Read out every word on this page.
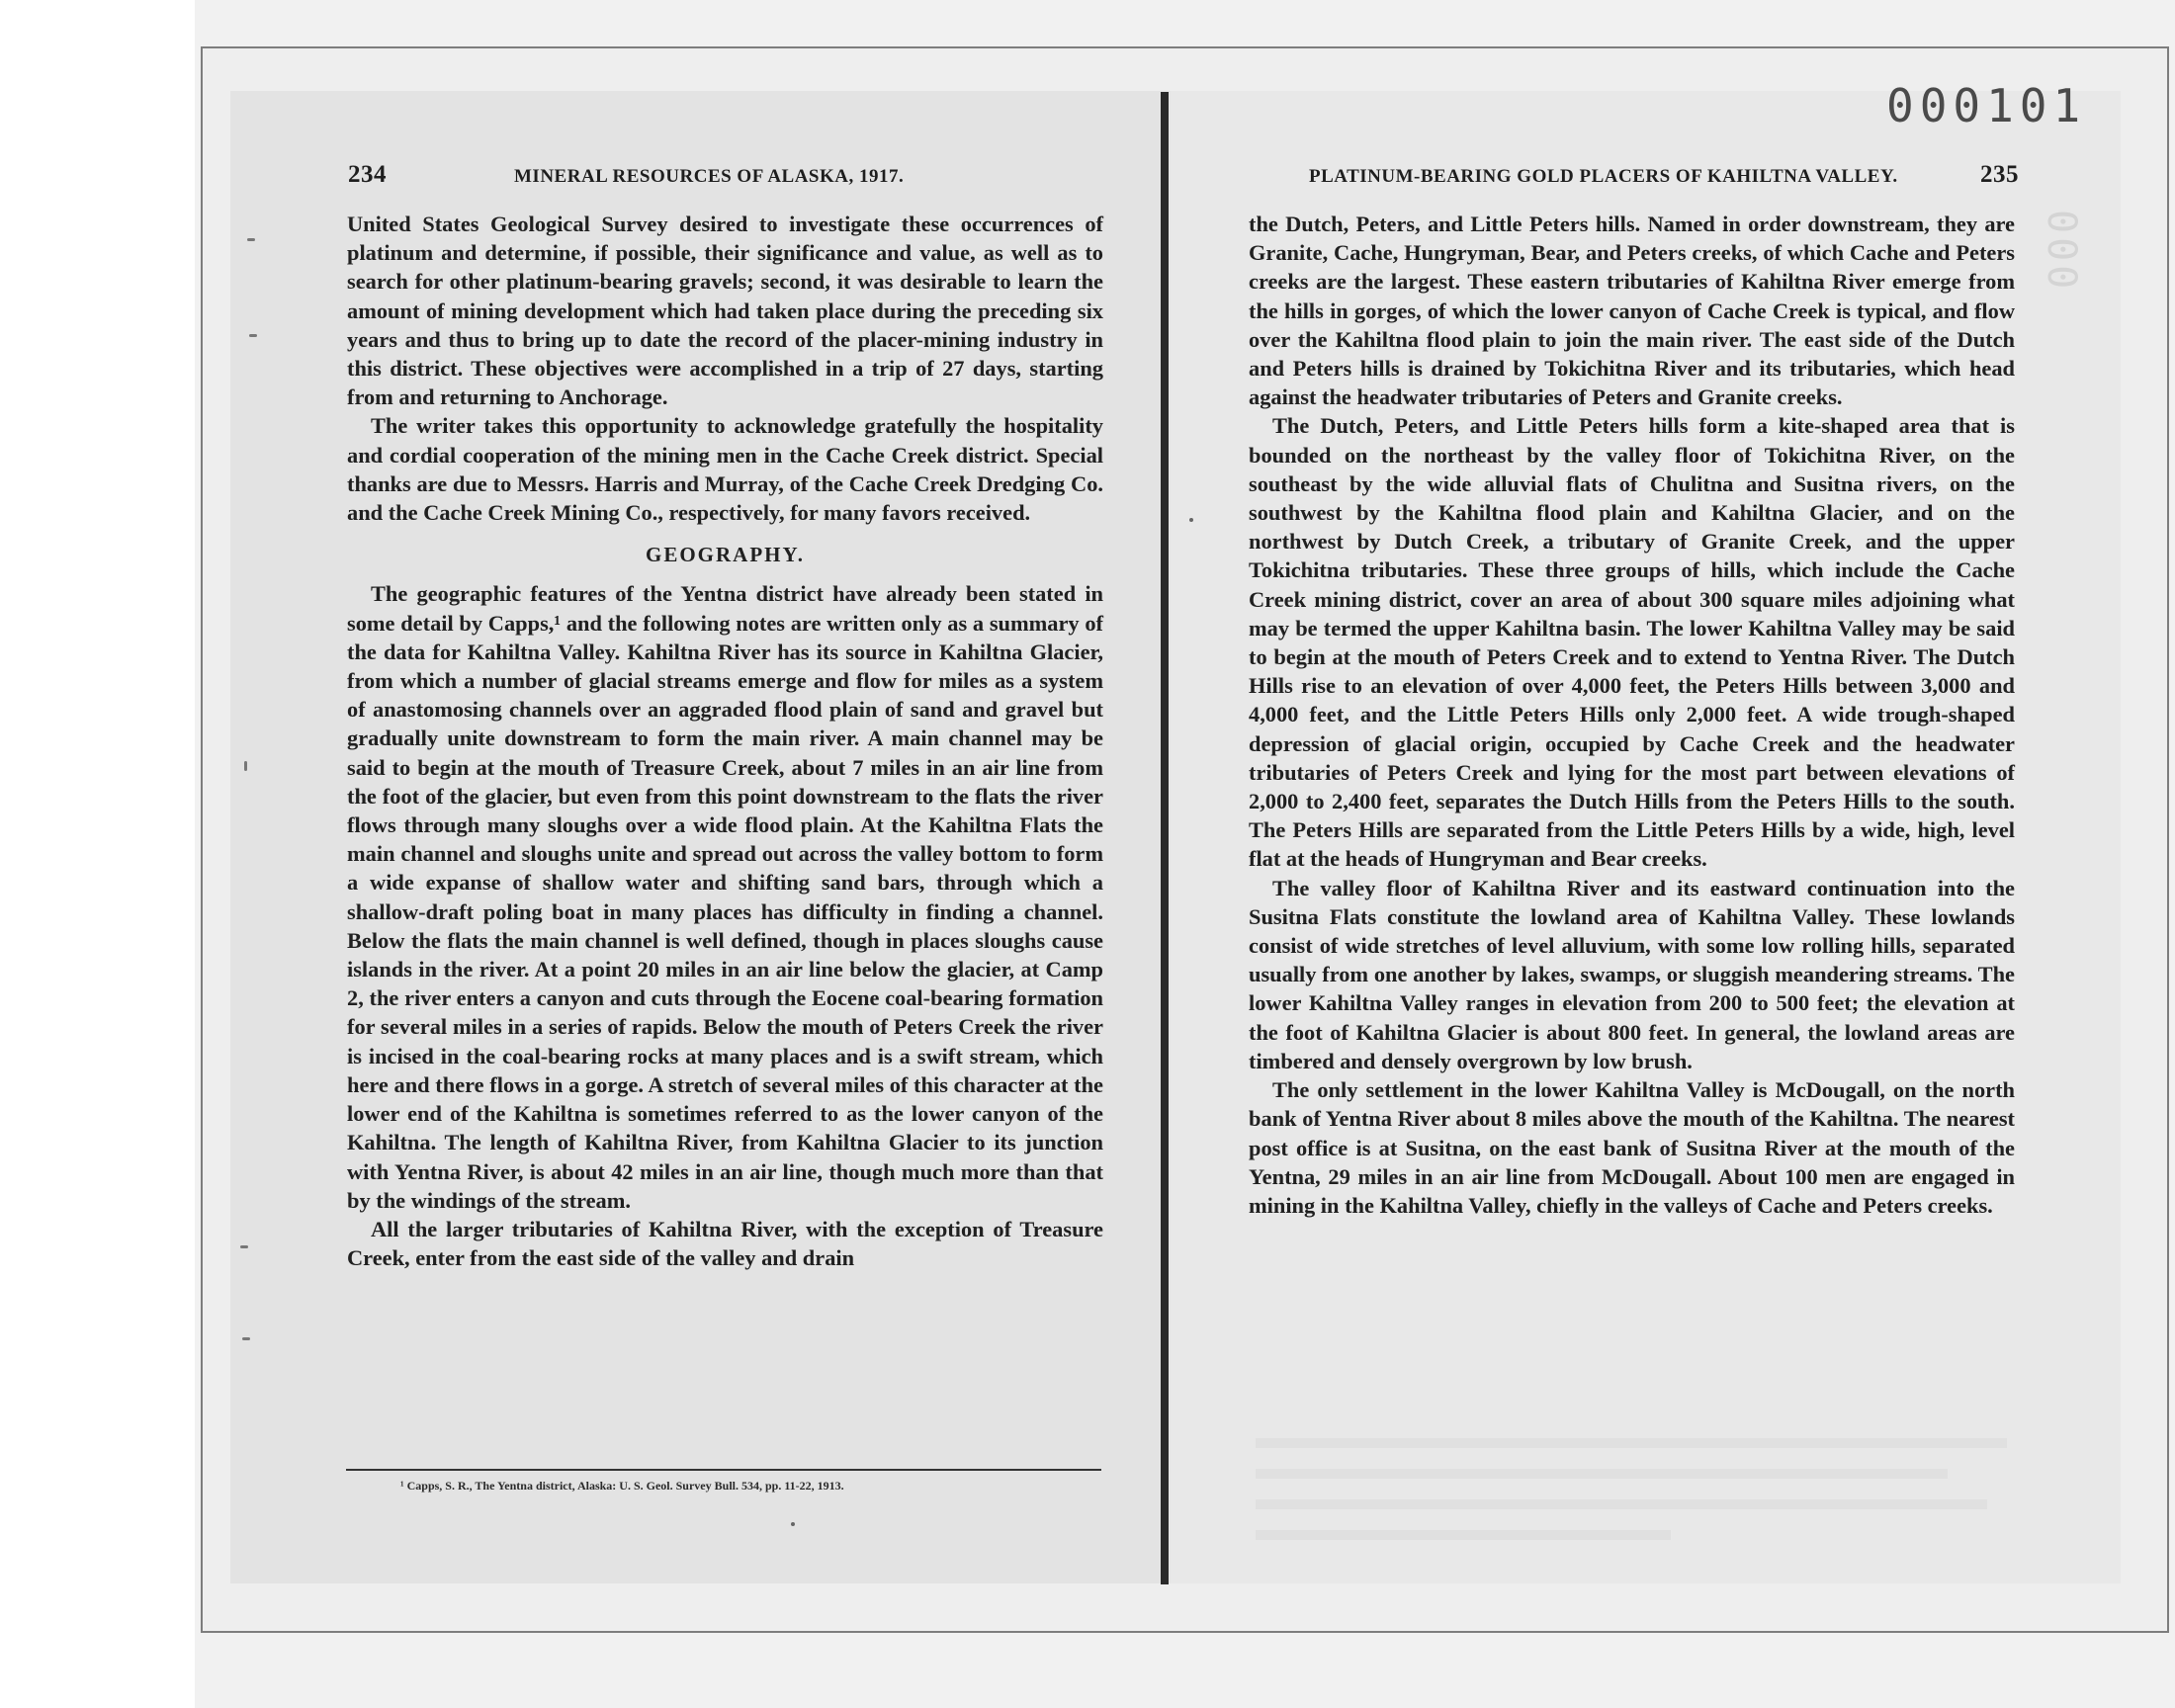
000101
000
234	MINERAL RESOURCES OF ALASKA, 1917.	PLATINUM-BEARING GOLD PLACERS OF KAHILTNA VALLEY.	235

United States Geological Survey desired to investigate these occurrences of platinum and determine, if possible, their significance and value, as well as to search for other platinum-bearing gravels; second, it was desirable to learn the amount of mining development which had taken place during the preceding six years and thus to bring up to date the record of the placer-mining industry in this district. These objectives were accomplished in a trip of 27 days, starting from and returning to Anchorage.

The writer takes this opportunity to acknowledge gratefully the hospitality and cordial cooperation of the mining men in the Cache Creek district. Special thanks are due to Messrs. Harris and Murray, of the Cache Creek Dredging Co. and the Cache Creek Mining Co., respectively, for many favors received.

GEOGRAPHY.

The geographic features of the Yentna district have already been stated in some detail by Capps,¹ and the following notes are written only as a summary of the data for Kahiltna Valley. Kahiltna River has its source in Kahiltna Glacier, from which a number of glacial streams emerge and flow for miles as a system of anastomosing channels over an aggraded flood plain of sand and gravel but gradually unite downstream to form the main river. A main channel may be said to begin at the mouth of Treasure Creek, about 7 miles in an air line from the foot of the glacier, but even from this point downstream to the flats the river flows through many sloughs over a wide flood plain. At the Kahiltna Flats the main channel and sloughs unite and spread out across the valley bottom to form a wide expanse of shallow water and shifting sand bars, through which a shallow-draft poling boat in many places has difficulty in finding a channel. Below the flats the main channel is well defined, though in places sloughs cause islands in the river. At a point 20 miles in an air line below the glacier, at Camp 2, the river enters a canyon and cuts through the Eocene coal-bearing formation for several miles in a series of rapids. Below the mouth of Peters Creek the river is incised in the coal-bearing rocks at many places and is a swift stream, which here and there flows in a gorge. A stretch of several miles of this character at the lower end of the Kahiltna is sometimes referred to as the lower canyon of the Kahiltna. The length of Kahiltna River, from Kahiltna Glacier to its junction with Yentna River, is about 42 miles in an air line, though much more than that by the windings of the stream.

All the larger tributaries of Kahiltna River, with the exception of Treasure Creek, enter from the east side of the valley and drain

¹ Capps, S. R., The Yentna district, Alaska: U. S. Geol. Survey Bull. 534, pp. 11-22, 1913.

the Dutch, Peters, and Little Peters hills. Named in order downstream, they are Granite, Cache, Hungryman, Bear, and Peters creeks, of which Cache and Peters creeks are the largest. These eastern tributaries of Kahiltna River emerge from the hills in gorges, of which the lower canyon of Cache Creek is typical, and flow over the Kahiltna flood plain to join the main river. The east side of the Dutch and Peters hills is drained by Tokichitna River and its tributaries, which head against the headwater tributaries of Peters and Granite creeks.

The Dutch, Peters, and Little Peters hills form a kite-shaped area that is bounded on the northeast by the valley floor of Tokichitna River, on the southeast by the wide alluvial flats of Chulitna and Susitna rivers, on the southwest by the Kahiltna flood plain and Kahiltna Glacier, and on the northwest by Dutch Creek, a tributary of Granite Creek, and the upper Tokichitna tributaries. These three groups of hills, which include the Cache Creek mining district, cover an area of about 300 square miles adjoining what may be termed the upper Kahiltna basin. The lower Kahiltna Valley may be said to begin at the mouth of Peters Creek and to extend to Yentna River. The Dutch Hills rise to an elevation of over 4,000 feet, the Peters Hills between 3,000 and 4,000 feet, and the Little Peters Hills only 2,000 feet. A wide trough-shaped depression of glacial origin, occupied by Cache Creek and the headwater tributaries of Peters Creek and lying for the most part between elevations of 2,000 to 2,400 feet, separates the Dutch Hills from the Peters Hills to the south. The Peters Hills are separated from the Little Peters Hills by a wide, high, level flat at the heads of Hungryman and Bear creeks.

The valley floor of Kahiltna River and its eastward continuation into the Susitna Flats constitute the lowland area of Kahiltna Valley. These lowlands consist of wide stretches of level alluvium, with some low rolling hills, separated usually from one another by lakes, swamps, or sluggish meandering streams. The lower Kahiltna Valley ranges in elevation from 200 to 500 feet; the elevation at the foot of Kahiltna Glacier is about 800 feet. In general, the lowland areas are timbered and densely overgrown by low brush.

The only settlement in the lower Kahiltna Valley is McDougall, on the north bank of Yentna River about 8 miles above the mouth of the Kahiltna. The nearest post office is at Susitna, on the east bank of Susitna River at the mouth of the Yentna, 29 miles in an air line from McDougall. About 100 men are engaged in mining in the Kahiltna Valley, chiefly in the valleys of Cache and Peters creeks.
